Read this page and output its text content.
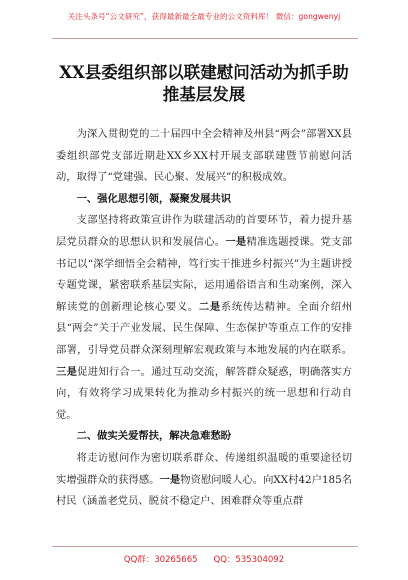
关注头条号“公文研究”，获得最新最全最专业的公文资料库！ 微信：gongwenyj
XX县委组织部以联建慰问活动为抓手助
推基层发展

为深入贯彻党的二十届四中全会精神及州县“两会”部署XX县委组织部党支部近期赴XX乡XX村开展支部联建暨节前慰问活动，取得了“党建强、民心聚、发展兴”的积极成效。

一、强化思想引领，凝聚发展共识

支部坚持将政策宣讲作为联建活动的首要环节，着力提升基层党员群众的思想认识和发展信心。一是精准选题授课。党支部书记以“深学细悟全会精神，笃行实干推进乡村振兴”为主题讲授专题党课，紧密联系基层实际，运用通俗语言和生动案例，深入解读党的创新理论核心要义。二是系统传达精神。全面介绍州县“两会”关于产业发展、民生保障、生态保护等重点工作的安排部署，引导党员群众深刻理解宏观政策与本地发展的内在联系。三是促进知行合一。通过互动交流，解答群众疑惑，明确落实方向，有效将学习成果转化为推动乡村振兴的统一思想和行动自觉。

二、做实关爱帮扶，解决急难愁盼

将走访慰问作为密切联系群众、传递组织温暖的重要途径切实增强群众的获得感。一是物资慰问暖人心。向XX村42户185名村民（涵盖老党员、脱贫不稳定户、困难群众等重点群

QQ群：30265665 QQ：535304092
